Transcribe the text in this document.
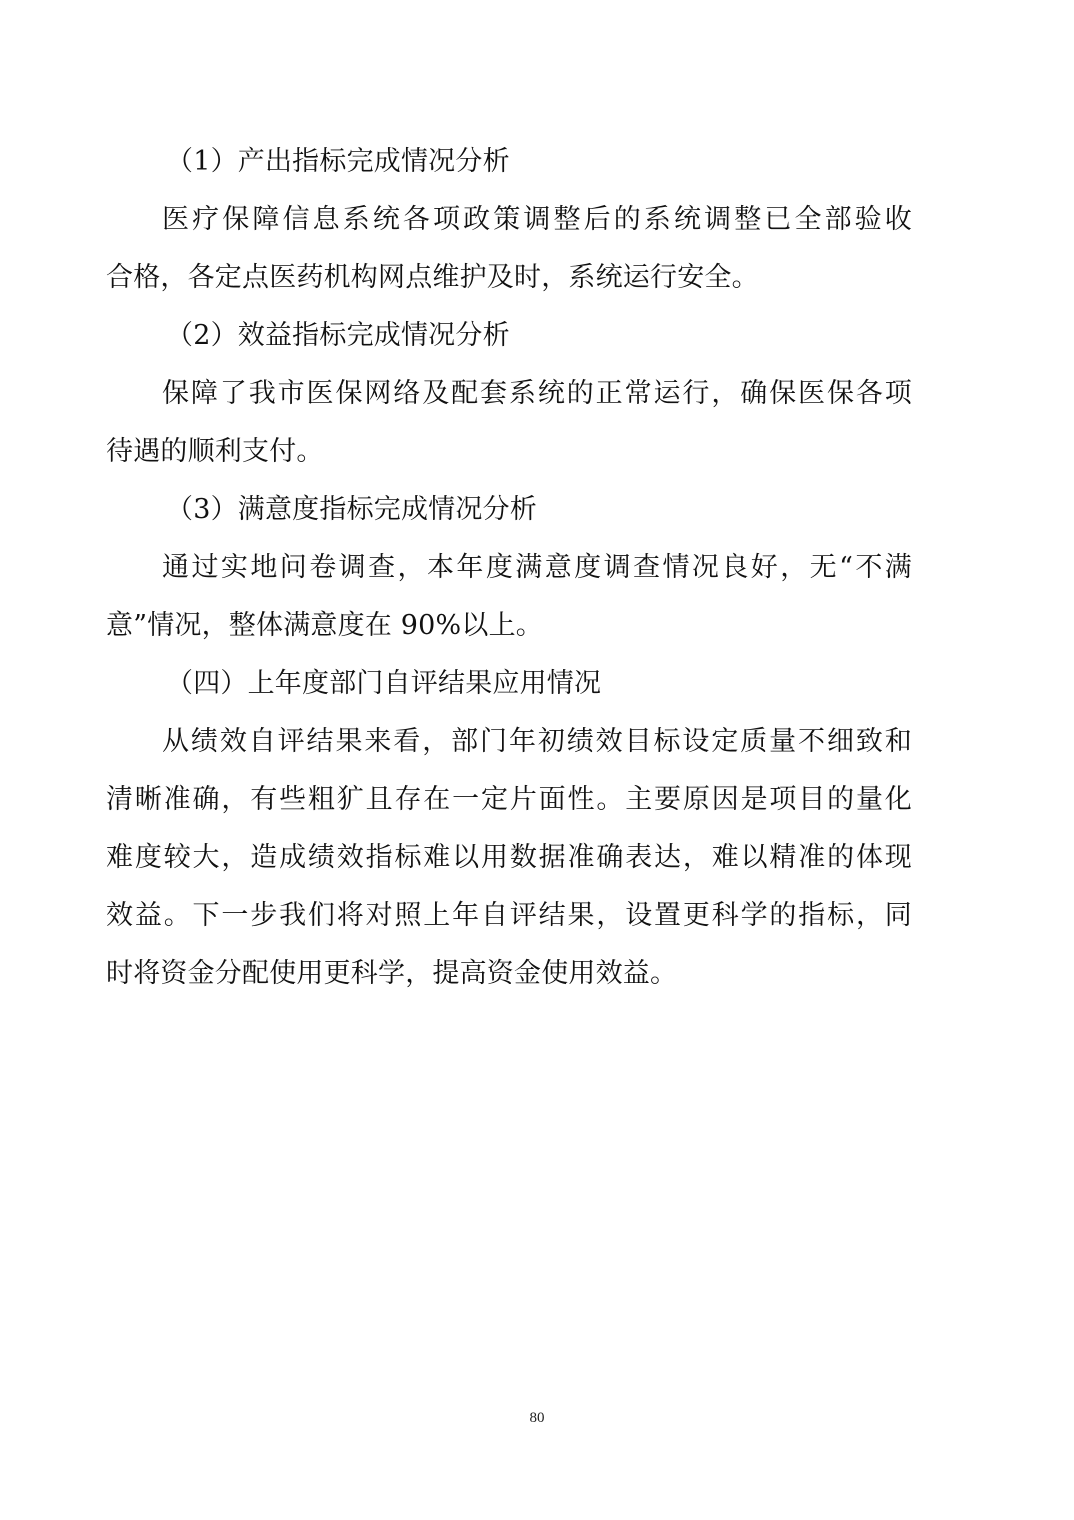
（1）产出指标完成情况分析
医疗保障信息系统各项政策调整后的系统调整已全部验收
合格，各定点医药机构网点维护及时，系统运行安全。
（2）效益指标完成情况分析
保障了我市医保网络及配套系统的正常运行，确保医保各项
待遇的顺利支付。
（3）满意度指标完成情况分析
通过实地问卷调查，本年度满意度调查情况良好，无“不满
意”情况，整体满意度在 90%以上。
（四）上年度部门自评结果应用情况
从绩效自评结果来看，部门年初绩效目标设定质量不细致和
清晰准确，有些粗犷且存在一定片面性。主要原因是项目的量化
难度较大，造成绩效指标难以用数据准确表达，难以精准的体现
效益。下一步我们将对照上年自评结果，设置更科学的指标，同
时将资金分配使用更科学，提高资金使用效益。
80
